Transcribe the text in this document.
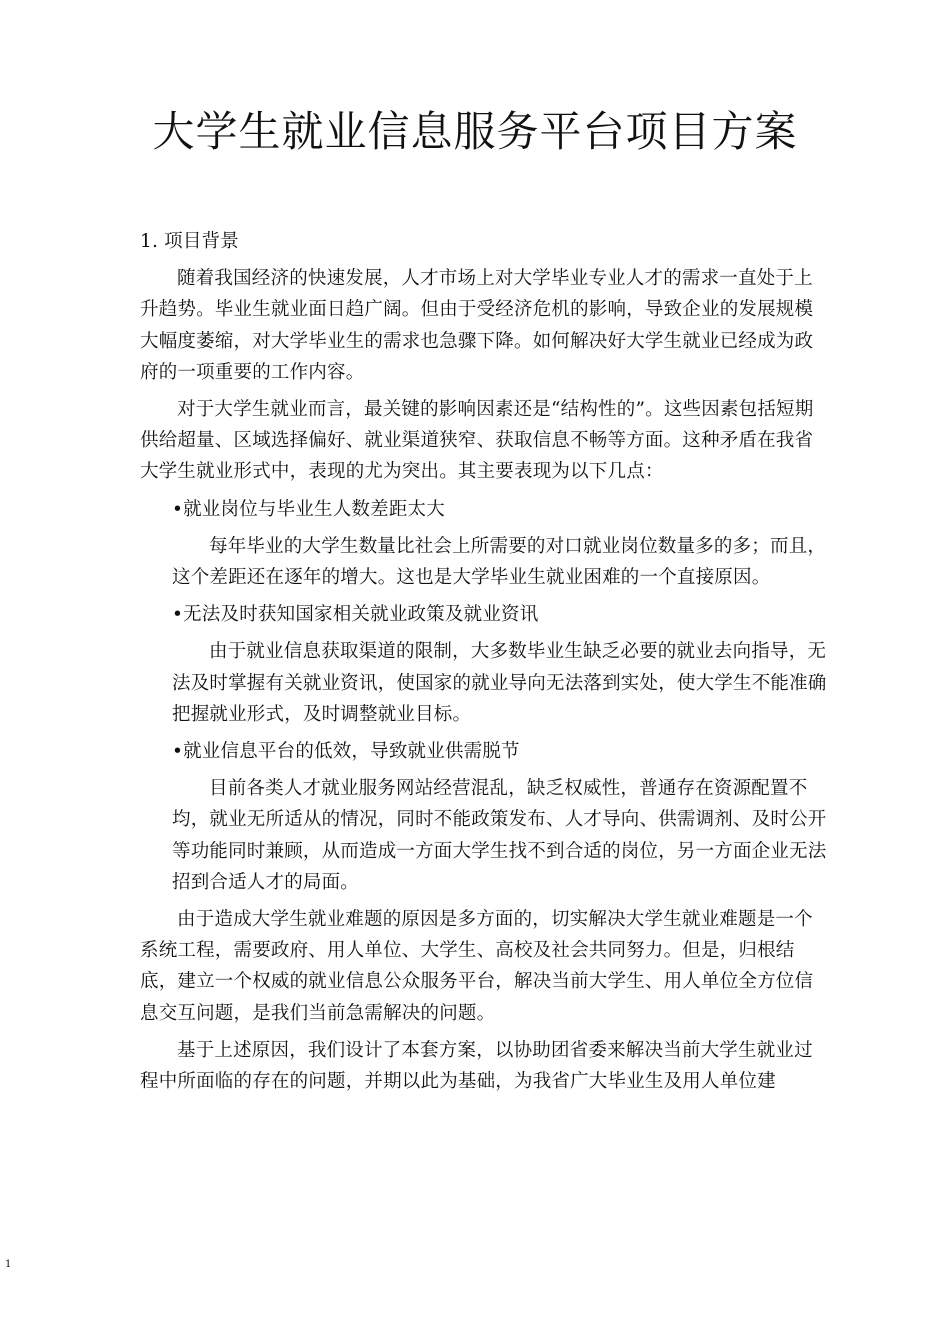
大学生就业信息服务平台项目方案

1. 项目背景

随着我国经济的快速发展，人才市场上对大学毕业专业人才的需求一直处于上升趋势。毕业生就业面日趋广阔。但由于受经济危机的影响，导致企业的发展规模大幅度萎缩，对大学毕业生的需求也急骤下降。如何解决好大学生就业已经成为政府的一项重要的工作内容。

对于大学生就业而言，最关键的影响因素还是“结构性的”。这些因素包括短期供给超量、区域选择偏好、就业渠道狭窄、获取信息不畅等方面。这种矛盾在我省大学生就业形式中，表现的尤为突出。其主要表现为以下几点：

•就业岗位与毕业生人数差距太大

每年毕业的大学生数量比社会上所需要的对口就业岗位数量多的多；而且，这个差距还在逐年的增大。这也是大学毕业生就业困难的一个直接原因。

•无法及时获知国家相关就业政策及就业资讯

由于就业信息获取渠道的限制，大多数毕业生缺乏必要的就业去向指导，无法及时掌握有关就业资讯，使国家的就业导向无法落到实处，使大学生不能准确把握就业形式，及时调整就业目标。

•就业信息平台的低效，导致就业供需脱节

目前各类人才就业服务网站经营混乱，缺乏权威性，普通存在资源配置不均，就业无所适从的情况，同时不能政策发布、人才导向、供需调剂、及时公开等功能同时兼顾，从而造成一方面大学生找不到合适的岗位，另一方面企业无法招到合适人才的局面。

由于造成大学生就业难题的原因是多方面的，切实解决大学生就业难题是一个系统工程，需要政府、用人单位、大学生、高校及社会共同努力。但是，归根结底，建立一个权威的就业信息公众服务平台，解决当前大学生、用人单位全方位信息交互问题，是我们当前急需解决的问题。

基于上述原因，我们设计了本套方案，以协助团省委来解决当前大学生就业过程中所面临的存在的问题，并期以此为基础，为我省广大毕业生及用人单位建

1
